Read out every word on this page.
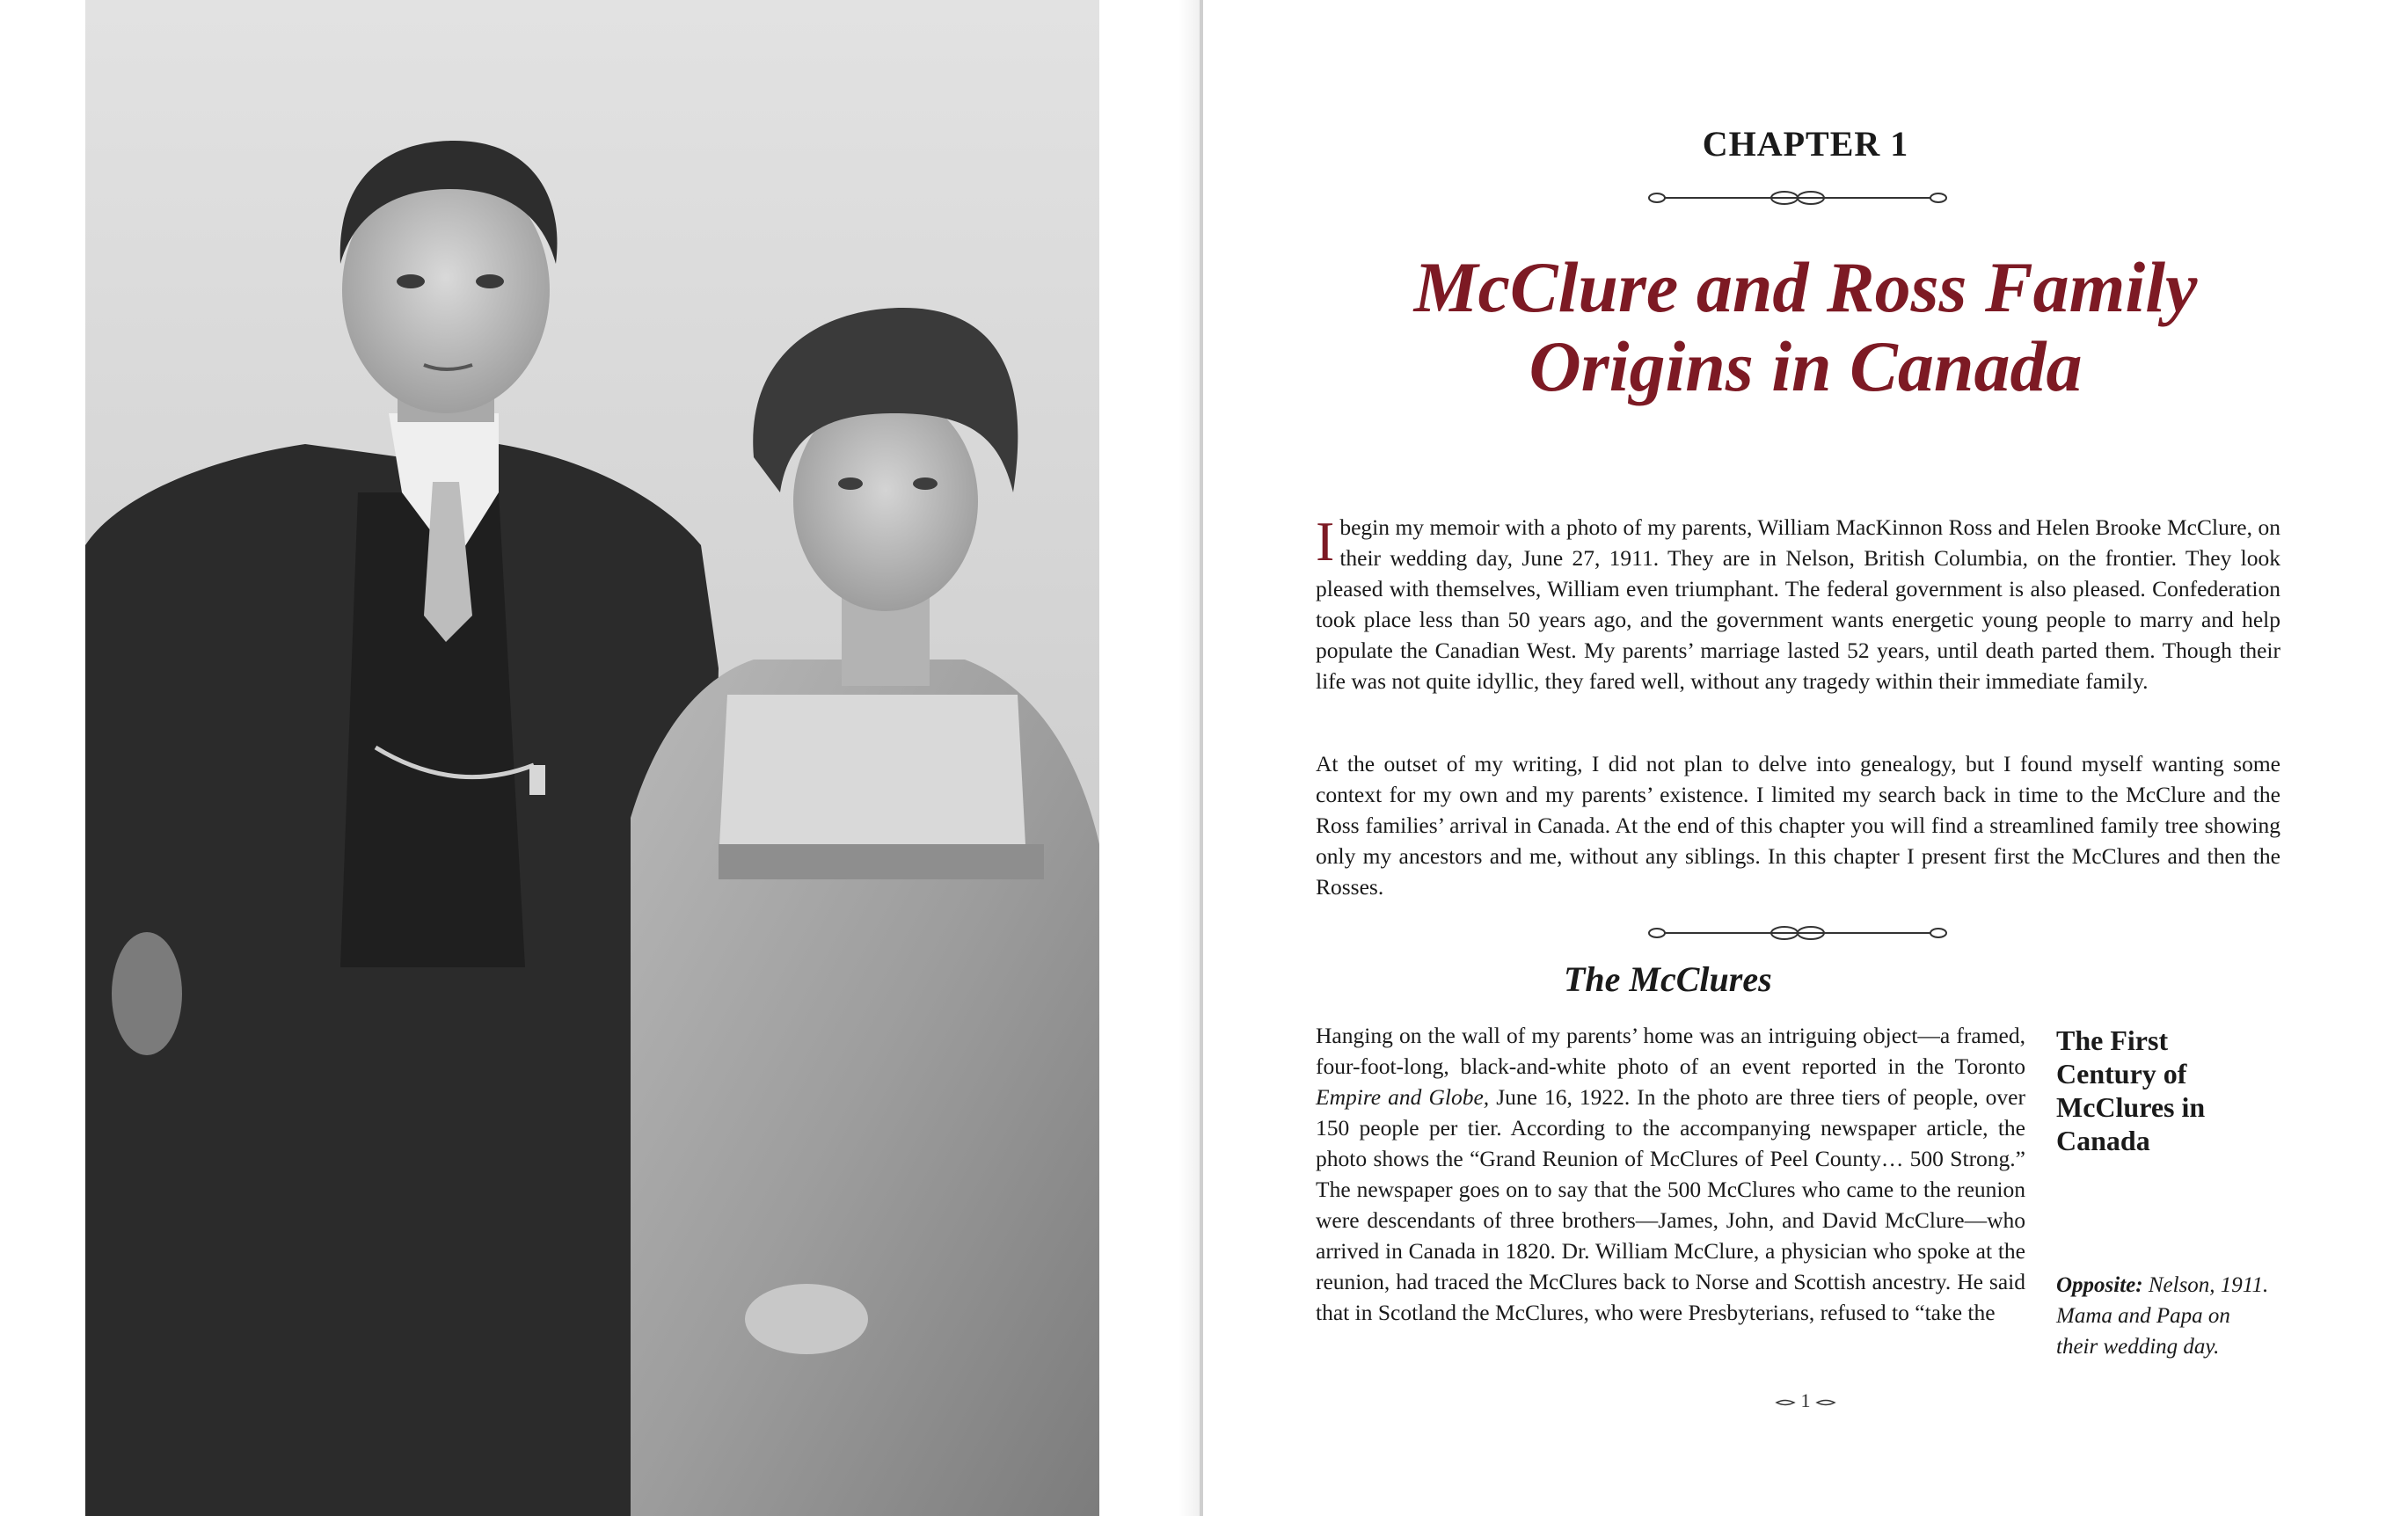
CHAPTER 1
McClure and Ross Family
Origins in Canada
I begin my memoir with a photo of my parents, William MacKinnon Ross and Helen Brooke McClure, on their wedding day, June 27, 1911. They are in Nelson, British Columbia, on the frontier. They look pleased with themselves, William even triumphant. The federal government is also pleased. Confederation took place less than 50 years ago, and the government wants energetic young people to marry and help populate the Canadian West. My parents’ marriage lasted 52 years, until death parted them. Though their life was not quite idyllic, they fared well, without any tragedy within their immediate family.
At the outset of my writing, I did not plan to delve into genealogy, but I found myself wanting some context for my own and my parents’ existence. I limited my search back in time to the McClure and the Ross families’ arrival in Canada. At the end of this chapter you will find a streamlined family tree showing only my ancestors and me, without any siblings. In this chapter I present first the McClures and then the Rosses.
The McClures
Hanging on the wall of my parents’ home was an intriguing object—a framed, four-foot-long, black-and-white photo of an event reported in the Toronto Empire and Globe, June 16, 1922. In the photo are three tiers of people, over 150 people per tier. According to the accompanying newspaper article, the photo shows the “Grand Reunion of McClures of Peel County… 500 Strong.” The newspaper goes on to say that the 500 McClures who came to the reunion were descendants of three brothers—James, John, and David McClure—who arrived in Canada in 1820. Dr. William McClure, a physician who spoke at the reunion, had traced the McClures back to Norse and Scottish ancestry. He said that in Scotland the McClures, who were Presbyterians, refused to “take the
The First
Century of
McClures in
Canada
Opposite: Nelson, 1911. Mama and Papa on their wedding day.
1
